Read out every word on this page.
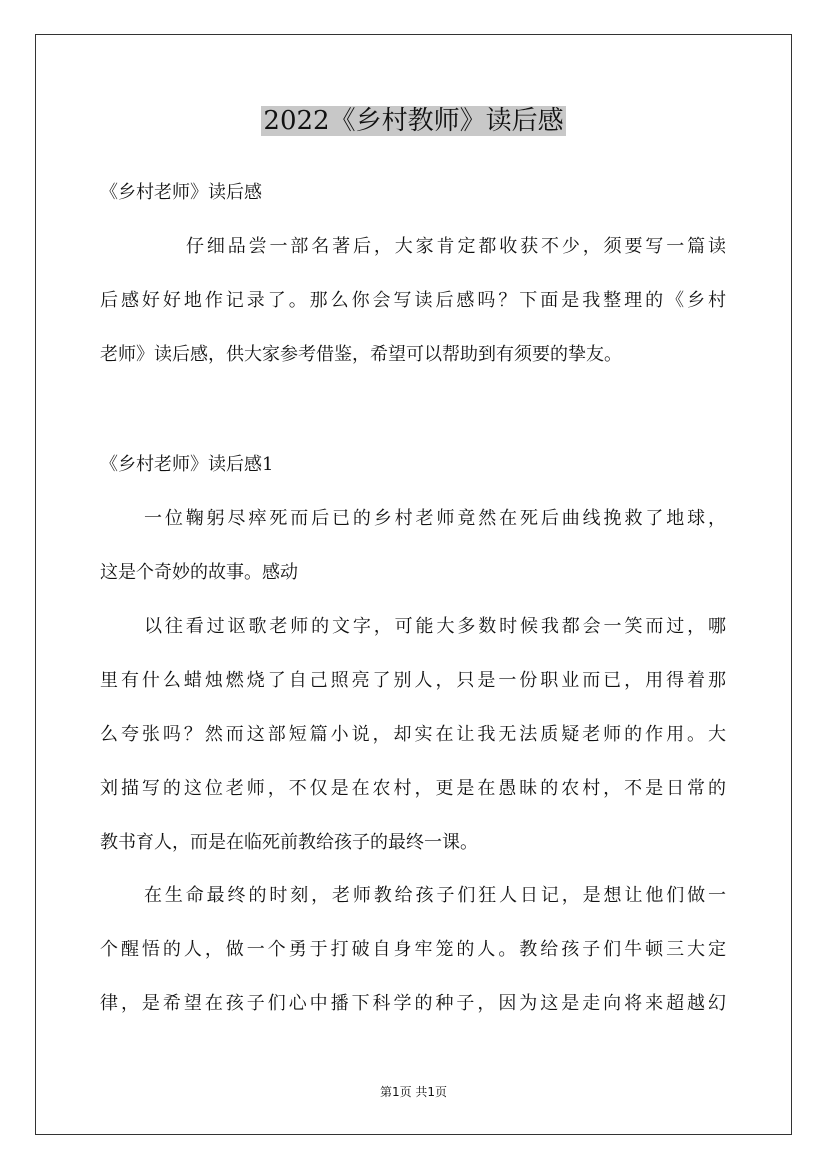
2022《乡村教师》读后感
《乡村老师》读后感
仔细品尝一部名著后，大家肯定都收获不少，须要写一篇读
后感好好地作记录了。那么你会写读后感吗？下面是我整理的《乡村
老师》读后感，供大家参考借鉴，希望可以帮助到有须要的挚友。
《乡村老师》读后感1
一位鞠躬尽瘁死而后已的乡村老师竟然在死后曲线挽救了地球，
这是个奇妙的故事。感动
以往看过讴歌老师的文字，可能大多数时候我都会一笑而过，哪
里有什么蜡烛燃烧了自己照亮了别人，只是一份职业而已，用得着那
么夸张吗？然而这部短篇小说，却实在让我无法质疑老师的作用。大
刘描写的这位老师，不仅是在农村，更是在愚昧的农村，不是日常的
教书育人，而是在临死前教给孩子的最终一课。
在生命最终的时刻，老师教给孩子们狂人日记，是想让他们做一
个醒悟的人，做一个勇于打破自身牢笼的人。教给孩子们牛顿三大定
律，是希望在孩子们心中播下科学的种子，因为这是走向将来超越幻
第1页 共1页
